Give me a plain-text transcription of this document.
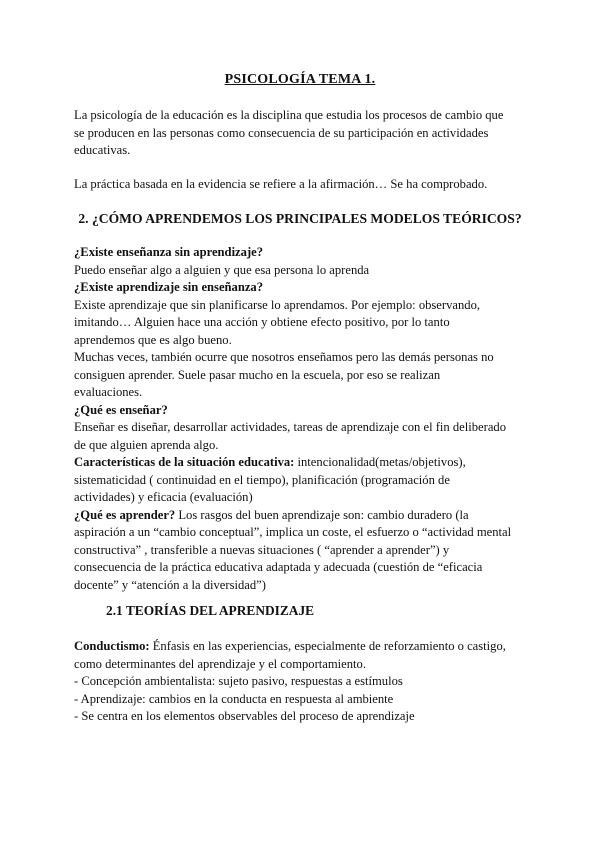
PSICOLOGÍA TEMA 1.
La psicología de la educación es la disciplina que estudia los procesos de cambio que
se producen en las personas como consecuencia de su participación en actividades
educativas.
La práctica basada en la evidencia se refiere a la afirmación… Se ha comprobado.
2. ¿CÓMO APRENDEMOS LOS PRINCIPALES MODELOS TEÓRICOS?
¿Existe enseñanza sin aprendizaje?
Puedo enseñar algo a alguien y que esa persona lo aprenda
¿Existe aprendizaje sin enseñanza?
Existe aprendizaje que sin planificarse lo aprendamos. Por ejemplo: observando,
imitando… Alguien hace una acción y obtiene efecto positivo, por lo tanto
aprendemos que es algo bueno.
Muchas veces, también ocurre que nosotros enseñamos pero las demás personas no
consiguen aprender. Suele pasar mucho en la escuela, por eso se realizan
evaluaciones.
¿Qué es enseñar?
Enseñar es diseñar, desarrollar actividades, tareas de aprendizaje con el fin deliberado
de que alguien aprenda algo.
Características de la situación educativa: intencionalidad(metas/objetivos),
sistematicidad ( continuidad en el tiempo), planificación (programación de
actividades) y eficacia (evaluación)
¿Qué es aprender? Los rasgos del buen aprendizaje son: cambio duradero (la
aspiración a un “cambio conceptual”, implica un coste, el esfuerzo o “actividad mental
constructiva” , transferible a nuevas situaciones ( “aprender a aprender”) y
consecuencia de la práctica educativa adaptada y adecuada (cuestión de “eficacia
docente” y “atención a la diversidad”)
2.1 TEORÍAS DEL APRENDIZAJE
Conductismo: Énfasis en las experiencias, especialmente de reforzamiento o castigo,
como determinantes del aprendizaje y el comportamiento.
- Concepción ambientalista: sujeto pasivo, respuestas a estímulos
- Aprendizaje: cambios en la conducta en respuesta al ambiente
- Se centra en los elementos observables del proceso de aprendizaje
